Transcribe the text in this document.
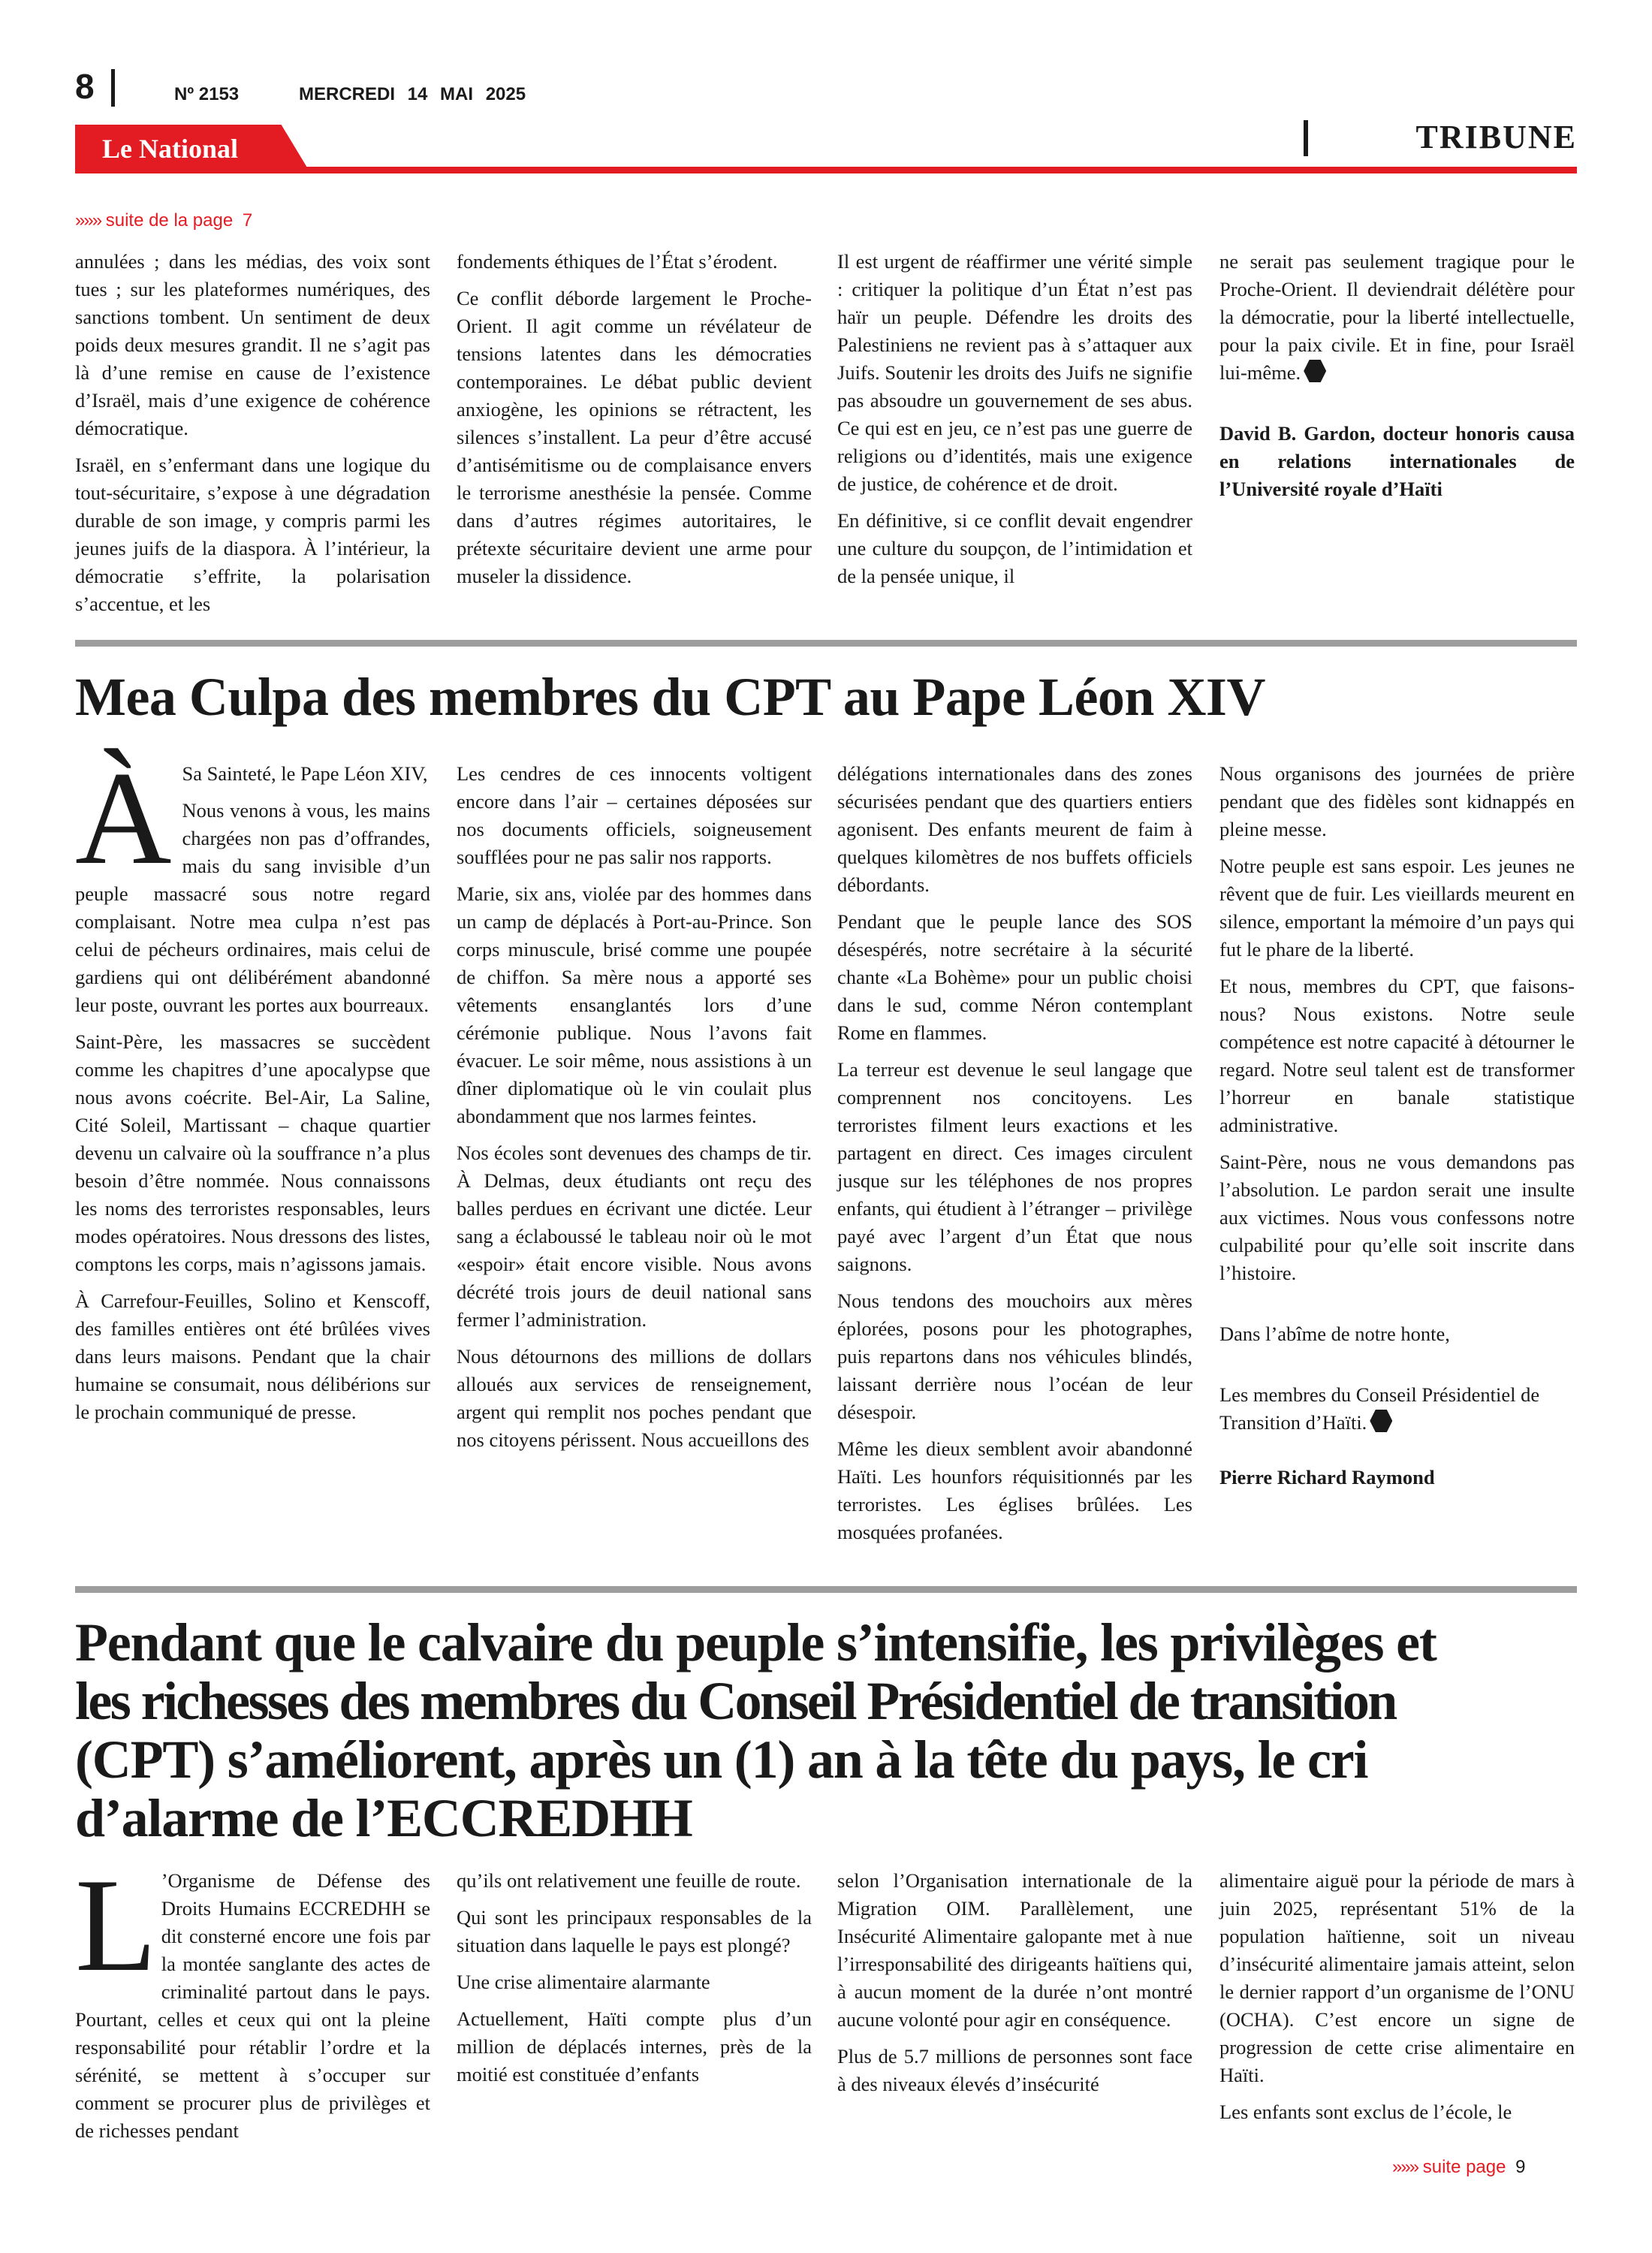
8	Nº 2153	MERCREDI 14 MAI 2025
Le National	TRIBUNE
»»» suite de la page 7

annulées ; dans les médias, des voix sont tues ; sur les plateformes numériques, des sanctions tombent. Un sentiment de deux poids deux mesures grandit. Il ne s’agit pas là d’une remise en cause de l’existence d’Israël, mais d’une exigence de cohérence démocratique.

Israël, en s’enfermant dans une logique du tout-sécuritaire, s’expose à une dégradation durable de son image, y compris parmi les jeunes juifs de la diaspora. À l’intérieur, la démocratie s’effrite, la polarisation s’accentue, et les

fondements éthiques de l’État s’érodent.

Ce conflit déborde largement le Proche-Orient. Il agit comme un révélateur de tensions latentes dans les démocraties contemporaines. Le débat public devient anxiogène, les opinions se rétractent, les silences s’installent. La peur d’être accusé d’antisémitisme ou de complaisance envers le terrorisme anesthésie la pensée. Comme dans d’autres régimes autoritaires, le prétexte sécuritaire devient une arme pour museler la dissidence.

Il est urgent de réaffirmer une vérité simple : critiquer la politique d’un État n’est pas haïr un peuple. Défendre les droits des Palestiniens ne revient pas à s’attaquer aux Juifs. Soutenir les droits des Juifs ne signifie pas absoudre un gouvernement de ses abus. Ce qui est en jeu, ce n’est pas une guerre de religions ou d’identités, mais une exigence de justice, de cohérence et de droit.

En définitive, si ce conflit devait engendrer une culture du soupçon, de l’intimidation et de la pensée unique, il

ne serait pas seulement tragique pour le Proche-Orient. Il deviendrait délétère pour la démocratie, pour la liberté intellectuelle, pour la paix civile. Et in fine, pour Israël lui-même.

David B. Gardon, docteur honoris causa en relations internationales de l’Université royale d’Haïti

Mea Culpa des membres du CPT au Pape Léon XIV
À Sa Sainteté, le Pape Léon XIV,

Nous venons à vous, les mains chargées non pas d’offrandes, mais du sang invisible d’un peuple massacré sous notre regard complaisant. Notre mea culpa n’est pas celui de pécheurs ordinaires, mais celui de gardiens qui ont délibérément abandonné leur poste, ouvrant les portes aux bourreaux.

Saint-Père, les massacres se succèdent comme les chapitres d’une apocalypse que nous avons coécrite. Bel-Air, La Saline, Cité Soleil, Martissant – chaque quartier devenu un calvaire où la souffrance n’a plus besoin d’être nommée. Nous connaissons les noms des terroristes responsables, leurs modes opératoires. Nous dressons des listes, comptons les corps, mais n’agissons jamais.

À Carrefour-Feuilles, Solino et Kenscoff, des familles entières ont été brûlées vives dans leurs maisons. Pendant que la chair humaine se consumait, nous délibérions sur le prochain communiqué de presse.

Les cendres de ces innocents voltigent encore dans l’air – certaines déposées sur nos documents officiels, soigneusement soufflées pour ne pas salir nos rapports.

Marie, six ans, violée par des hommes dans un camp de déplacés à Port-au-Prince. Son corps minuscule, brisé comme une poupée de chiffon. Sa mère nous a apporté ses vêtements ensanglantés lors d’une cérémonie publique. Nous l’avons fait évacuer. Le soir même, nous assistions à un dîner diplomatique où le vin coulait plus abondamment que nos larmes feintes.

Nos écoles sont devenues des champs de tir. À Delmas, deux étudiants ont reçu des balles perdues en écrivant une dictée. Leur sang a éclaboussé le tableau noir où le mot «espoir» était encore visible. Nous avons décrété trois jours de deuil national sans fermer l’administration.

Nous détournons des millions de dollars alloués aux services de renseignement, argent qui remplit nos poches pendant que nos citoyens périssent. Nous accueillons des

délégations internationales dans des zones sécurisées pendant que des quartiers entiers agonisent. Des enfants meurent de faim à quelques kilomètres de nos buffets officiels débordants.

Pendant que le peuple lance des SOS désespérés, notre secrétaire à la sécurité chante «La Bohème» pour un public choisi dans le sud, comme Néron contemplant Rome en flammes.

La terreur est devenue le seul langage que comprennent nos concitoyens. Les terroristes filment leurs exactions et les partagent en direct. Ces images circulent jusque sur les téléphones de nos propres enfants, qui étudient à l’étranger – privilège payé avec l’argent d’un État que nous saignons.

Nous tendons des mouchoirs aux mères éplorées, posons pour les photographes, puis repartons dans nos véhicules blindés, laissant derrière nous l’océan de leur désespoir.

Même les dieux semblent avoir abandonné Haïti. Les hounfors réquisitionnés par les terroristes. Les églises brûlées. Les mosquées profanées.

Nous organisons des journées de prière pendant que des fidèles sont kidnappés en pleine messe.

Notre peuple est sans espoir. Les jeunes ne rêvent que de fuir. Les vieillards meurent en silence, emportant la mémoire d’un pays qui fut le phare de la liberté.

Et nous, membres du CPT, que faisons-nous? Nous existons. Notre seule compétence est notre capacité à détourner le regard. Notre seul talent est de transformer l’horreur en banale statistique administrative.

Saint-Père, nous ne vous demandons pas l’absolution. Le pardon serait une insulte aux victimes. Nous vous confessons notre culpabilité pour qu’elle soit inscrite dans l’histoire.

Dans l’abîme de notre honte,

Les membres du Conseil Présidentiel de Transition d’Haïti.

Pierre Richard Raymond

Pendant que le calvaire du peuple s’intensifie, les privilèges et
les richesses des membres du Conseil Présidentiel de transition
(CPT) s’améliorent, après un (1) an à la tête du pays, le cri
d’alarme de l’ECCREDHH
L ’Organisme de Défense des Droits Humains ECCREDHH se dit consterné encore une fois par la montée sanglante des actes de criminalité partout dans le pays. Pourtant, celles et ceux qui ont la pleine responsabilité pour rétablir l’ordre et la sérénité, se mettent à s’occuper sur comment se procurer plus de privilèges et de richesses pendant

qu’ils ont relativement une feuille de route.

Qui sont les principaux responsables de la situation dans laquelle le pays est plongé?

Une crise alimentaire alarmante

Actuellement, Haïti compte plus d’un million de déplacés internes, près de la moitié est constituée d’enfants

selon l’Organisation internationale de la Migration OIM. Parallèlement, une Insécurité Alimentaire galopante met à nue l’irresponsabilité des dirigeants haïtiens qui, à aucun moment de la durée n’ont montré aucune volonté pour agir en conséquence.

Plus de 5.7 millions de personnes sont face à des niveaux élevés d’insécurité

alimentaire aiguë pour la période de mars à juin 2025, représentant 51% de la population haïtienne, soit un niveau d’insécurité alimentaire jamais atteint, selon le dernier rapport d’un organisme de l’ONU (OCHA). C’est encore un signe de progression de cette crise alimentaire en Haïti.

Les enfants sont exclus de l’école, le

»»» suite page 9
